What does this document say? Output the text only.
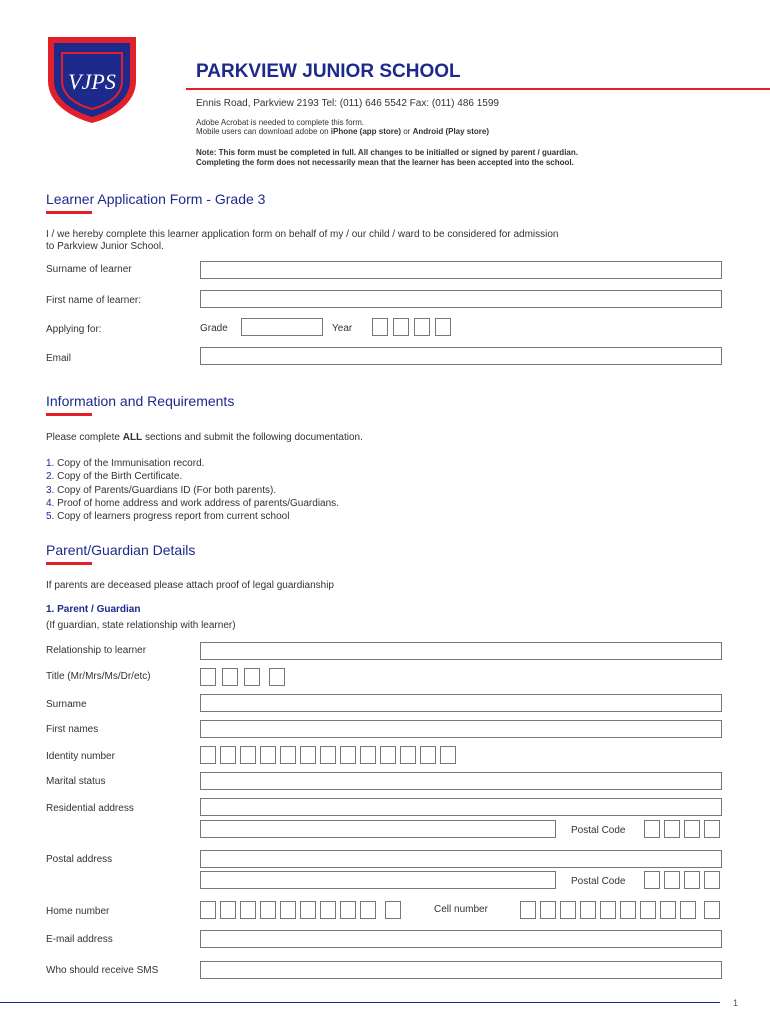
VJPS	PARKVIEW JUNIOR SCHOOL
Ennis Road, Parkview 2193 Tel: (011) 646 5542 Fax: (011) 486 1599
Adobe Acrobat is needed to complete this form.
Mobile users can download adobe on iPhone (app store) or Android (Play store)
Note: This form must be completed in full. All changes to be initialled or signed by parent / guardian.
Completing the form does not necessarily mean that the learner has been accepted into the school.
Learner Application Form - Grade 3
I / we hereby complete this learner application form on behalf of my / our child / ward to be considered for admission
to Parkview Junior School.
Surname of learner
First name of learner:
Applying for:	Grade	Year
Email
Information and Requirements
Please complete ALL sections and submit the following documentation.
1. Copy of the Immunisation record.
2. Copy of the Birth Certificate.
3. Copy of Parents/Guardians ID (For both parents).
4. Proof of home address and work address of parents/Guardians.
5. Copy of learners progress report from current school
Parent/Guardian Details
If parents are deceased please attach proof of legal guardianship
1. Parent / Guardian
(If guardian, state relationship with learner)
Relationship to learner
Title (Mr/Mrs/Ms/Dr/etc)
Surname
First names
Identity number
Marital status
Residential address
Postal Code
Postal address
Postal Code
Home number	Cell number
E-mail address
Who should receive SMS
1
